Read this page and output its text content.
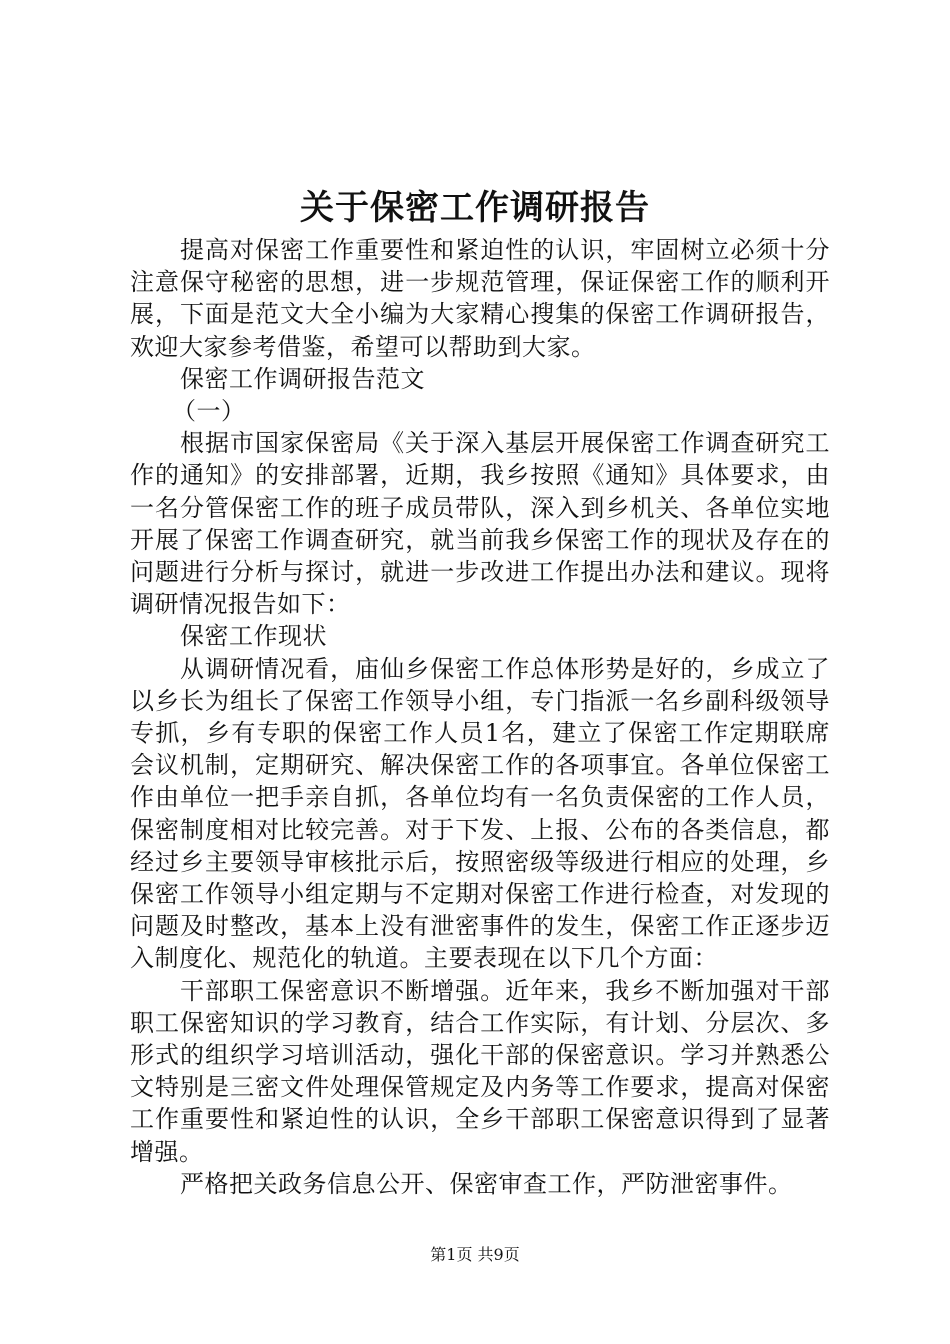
关于保密工作调研报告

提高对保密工作重要性和紧迫性的认识，牢固树立必须十分注意保守秘密的思想，进一步规范管理，保证保密工作的顺利开展，下面是范文大全小编为大家精心搜集的保密工作调研报告，欢迎大家参考借鉴，希望可以帮助到大家。

保密工作调研报告范文

（一）

根据市国家保密局《关于深入基层开展保密工作调查研究工作的通知》的安排部署，近期，我乡按照《通知》具体要求，由一名分管保密工作的班子成员带队，深入到乡机关、各单位实地开展了保密工作调查研究，就当前我乡保密工作的现状及存在的问题进行分析与探讨，就进一步改进工作提出办法和建议。现将调研情况报告如下：

保密工作现状

从调研情况看，庙仙乡保密工作总体形势是好的，乡成立了以乡长为组长了保密工作领导小组，专门指派一名乡副科级领导专抓，乡有专职的保密工作人员1名，建立了保密工作定期联席会议机制，定期研究、解决保密工作的各项事宜。各单位保密工作由单位一把手亲自抓，各单位均有一名负责保密的工作人员，保密制度相对比较完善。对于下发、上报、公布的各类信息，都经过乡主要领导审核批示后，按照密级等级进行相应的处理，乡保密工作领导小组定期与不定期对保密工作进行检查，对发现的问题及时整改，基本上没有泄密事件的发生，保密工作正逐步迈入制度化、规范化的轨道。主要表现在以下几个方面：

干部职工保密意识不断增强。近年来，我乡不断加强对干部职工保密知识的学习教育，结合工作实际，有计划、分层次、多形式的组织学习培训活动，强化干部的保密意识。学习并熟悉公文特别是三密文件处理保管规定及内务等工作要求，提高对保密工作重要性和紧迫性的认识，全乡干部职工保密意识得到了显著增强。

严格把关政务信息公开、保密审查工作，严防泄密事件。

第1页 共9页
